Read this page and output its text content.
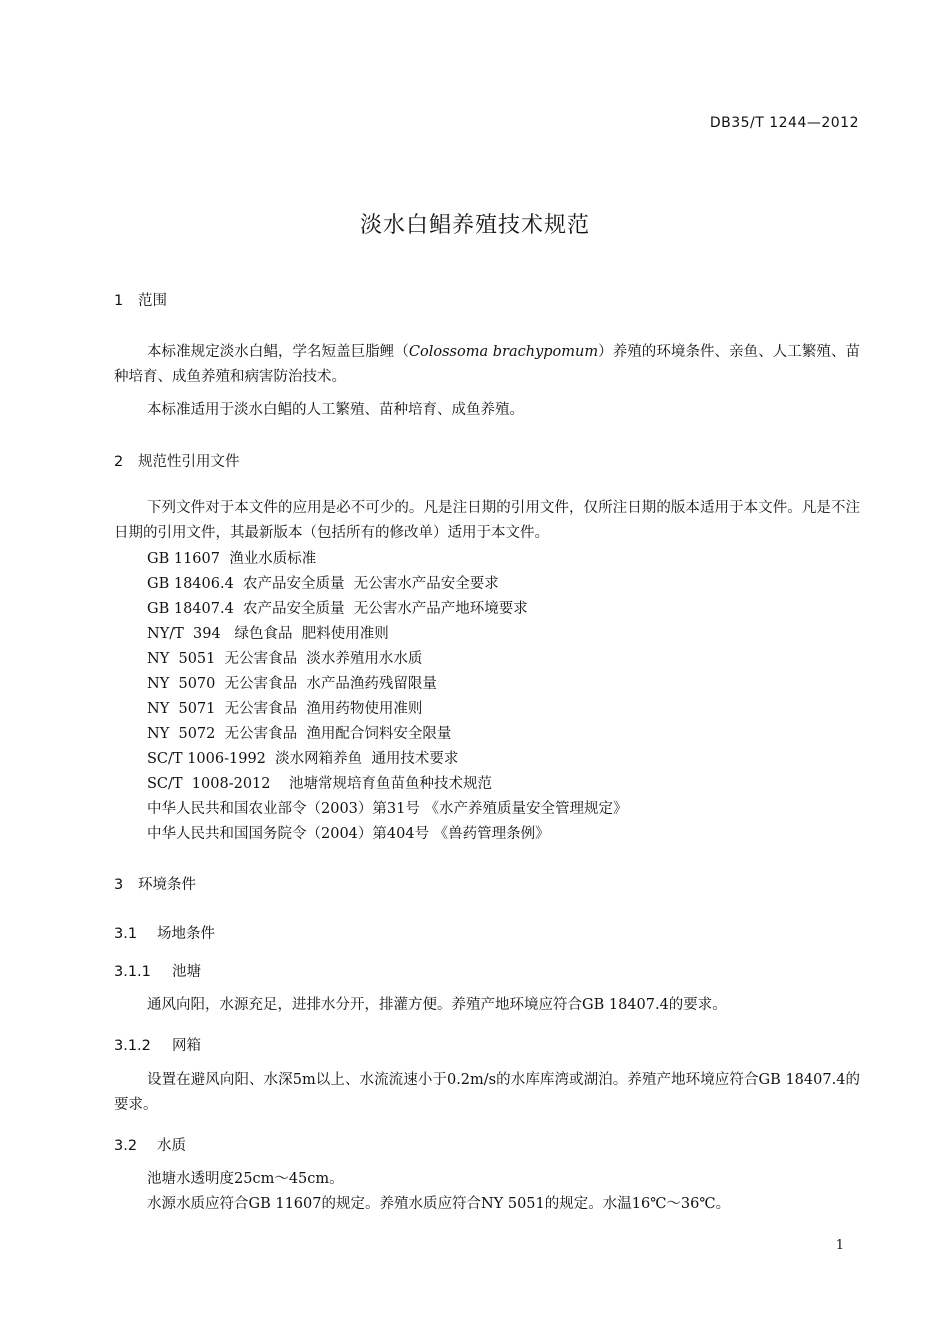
DB35/T 1244—2012
淡水白鲳养殖技术规范
1 范围
本标准规定淡水白鲳，学名短盖巨脂鲤（Colossoma brachypomum）养殖的环境条件、亲鱼、人工繁殖、苗种培育、成鱼养殖和病害防治技术。
本标准适用于淡水白鲳的人工繁殖、苗种培育、成鱼养殖。
2 规范性引用文件
下列文件对于本文件的应用是必不可少的。凡是注日期的引用文件，仅所注日期的版本适用于本文件。凡是不注日期的引用文件，其最新版本（包括所有的修改单）适用于本文件。
GB 11607  渔业水质标准
GB 18406.4  农产品安全质量  无公害水产品安全要求
GB 18407.4  农产品安全质量  无公害水产品产地环境要求
NY/T  394   绿色食品  肥料使用准则
NY  5051  无公害食品  淡水养殖用水水质
NY  5070  无公害食品  水产品渔药残留限量
NY  5071  无公害食品  渔用药物使用准则
NY  5072  无公害食品  渔用配合饲料安全限量
SC/T 1006-1992  淡水网箱养鱼  通用技术要求
SC/T  1008-2012    池塘常规培育鱼苗鱼种技术规范
中华人民共和国农业部令（2003）第31号 《水产养殖质量安全管理规定》
中华人民共和国国务院令（2004）第404号 《兽药管理条例》
3 环境条件
3.1 场地条件
3.1.1 池塘
通风向阳，水源充足，进排水分开，排灌方便。养殖产地环境应符合GB 18407.4的要求。
3.1.2 网箱
设置在避风向阳、水深5m以上、水流流速小于0.2m/s的水库库湾或湖泊。养殖产地环境应符合GB 18407.4的要求。
3.2 水质
池塘水透明度25cm～45cm。
水源水质应符合GB 11607的规定。养殖水质应符合NY 5051的规定。水温16℃～36℃。
1
